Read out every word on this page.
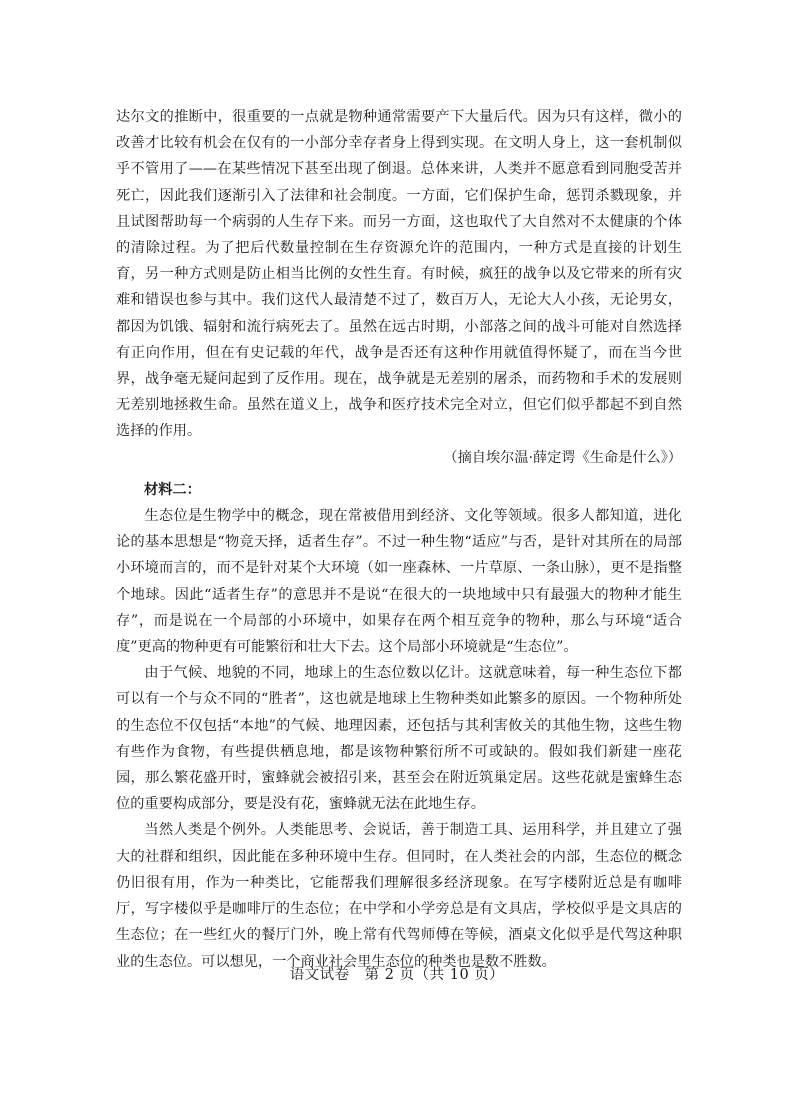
达尔文的推断中，很重要的一点就是物种通常需要产下大量后代。因为只有这样，微小的改善才比较有机会在仅有的一小部分幸存者身上得到实现。在文明人身上，这一套机制似乎不管用了——在某些情况下甚至出现了倒退。总体来讲，人类并不愿意看到同胞受苦并死亡，因此我们逐渐引入了法律和社会制度。一方面，它们保护生命，惩罚杀戮现象，并且试图帮助每一个病弱的人生存下来。而另一方面，这也取代了大自然对不太健康的个体的清除过程。为了把后代数量控制在生存资源允许的范围内，一种方式是直接的计划生育，另一种方式则是防止相当比例的女性生育。有时候，疯狂的战争以及它带来的所有灾难和错误也参与其中。我们这代人最清楚不过了，数百万人，无论大人小孩，无论男女，都因为饥饿、辐射和流行病死去了。虽然在远古时期，小部落之间的战斗可能对自然选择有正向作用，但在有史记载的年代，战争是否还有这种作用就值得怀疑了，而在当今世界，战争毫无疑问起到了反作用。现在，战争就是无差别的屠杀，而药物和手术的发展则无差别地拯救生命。虽然在道义上，战争和医疗技术完全对立，但它们似乎都起不到自然选择的作用。

（摘自埃尔温·薛定谔《生命是什么》）

材料二：

生态位是生物学中的概念，现在常被借用到经济、文化等领域。很多人都知道，进化论的基本思想是“物竞天择，适者生存”。不过一种生物“适应”与否，是针对其所在的局部小环境而言的，而不是针对某个大环境（如一座森林、一片草原、一条山脉），更不是指整个地球。因此“适者生存”的意思并不是说“在很大的一块地域中只有最强大的物种才能生存”，而是说在一个局部的小环境中，如果存在两个相互竞争的物种，那么与环境“适合度”更高的物种更有可能繁衍和壮大下去。这个局部小环境就是“生态位”。

由于气候、地貌的不同，地球上的生态位数以亿计。这就意味着，每一种生态位下都可以有一个与众不同的“胜者”，这也就是地球上生物种类如此繁多的原因。一个物种所处的生态位不仅包括“本地”的气候、地理因素，还包括与其利害攸关的其他生物，这些生物有些作为食物，有些提供栖息地，都是该物种繁衍所不可或缺的。假如我们新建一座花园，那么繁花盛开时，蜜蜂就会被招引来，甚至会在附近筑巢定居。这些花就是蜜蜂生态位的重要构成部分，要是没有花，蜜蜂就无法在此地生存。

当然人类是个例外。人类能思考、会说话，善于制造工具、运用科学，并且建立了强大的社群和组织，因此能在多种环境中生存。但同时，在人类社会的内部，生态位的概念仍旧很有用，作为一种类比，它能帮我们理解很多经济现象。在写字楼附近总是有咖啡厅，写字楼似乎是咖啡厅的生态位；在中学和小学旁总是有文具店，学校似乎是文具店的生态位；在一些红火的餐厅门外，晚上常有代驾师傅在等候，酒桌文化似乎是代驾这种职业的生态位。可以想见，一个商业社会里生态位的种类也是数不胜数。

语文试卷　第 2 页（共 10 页）
